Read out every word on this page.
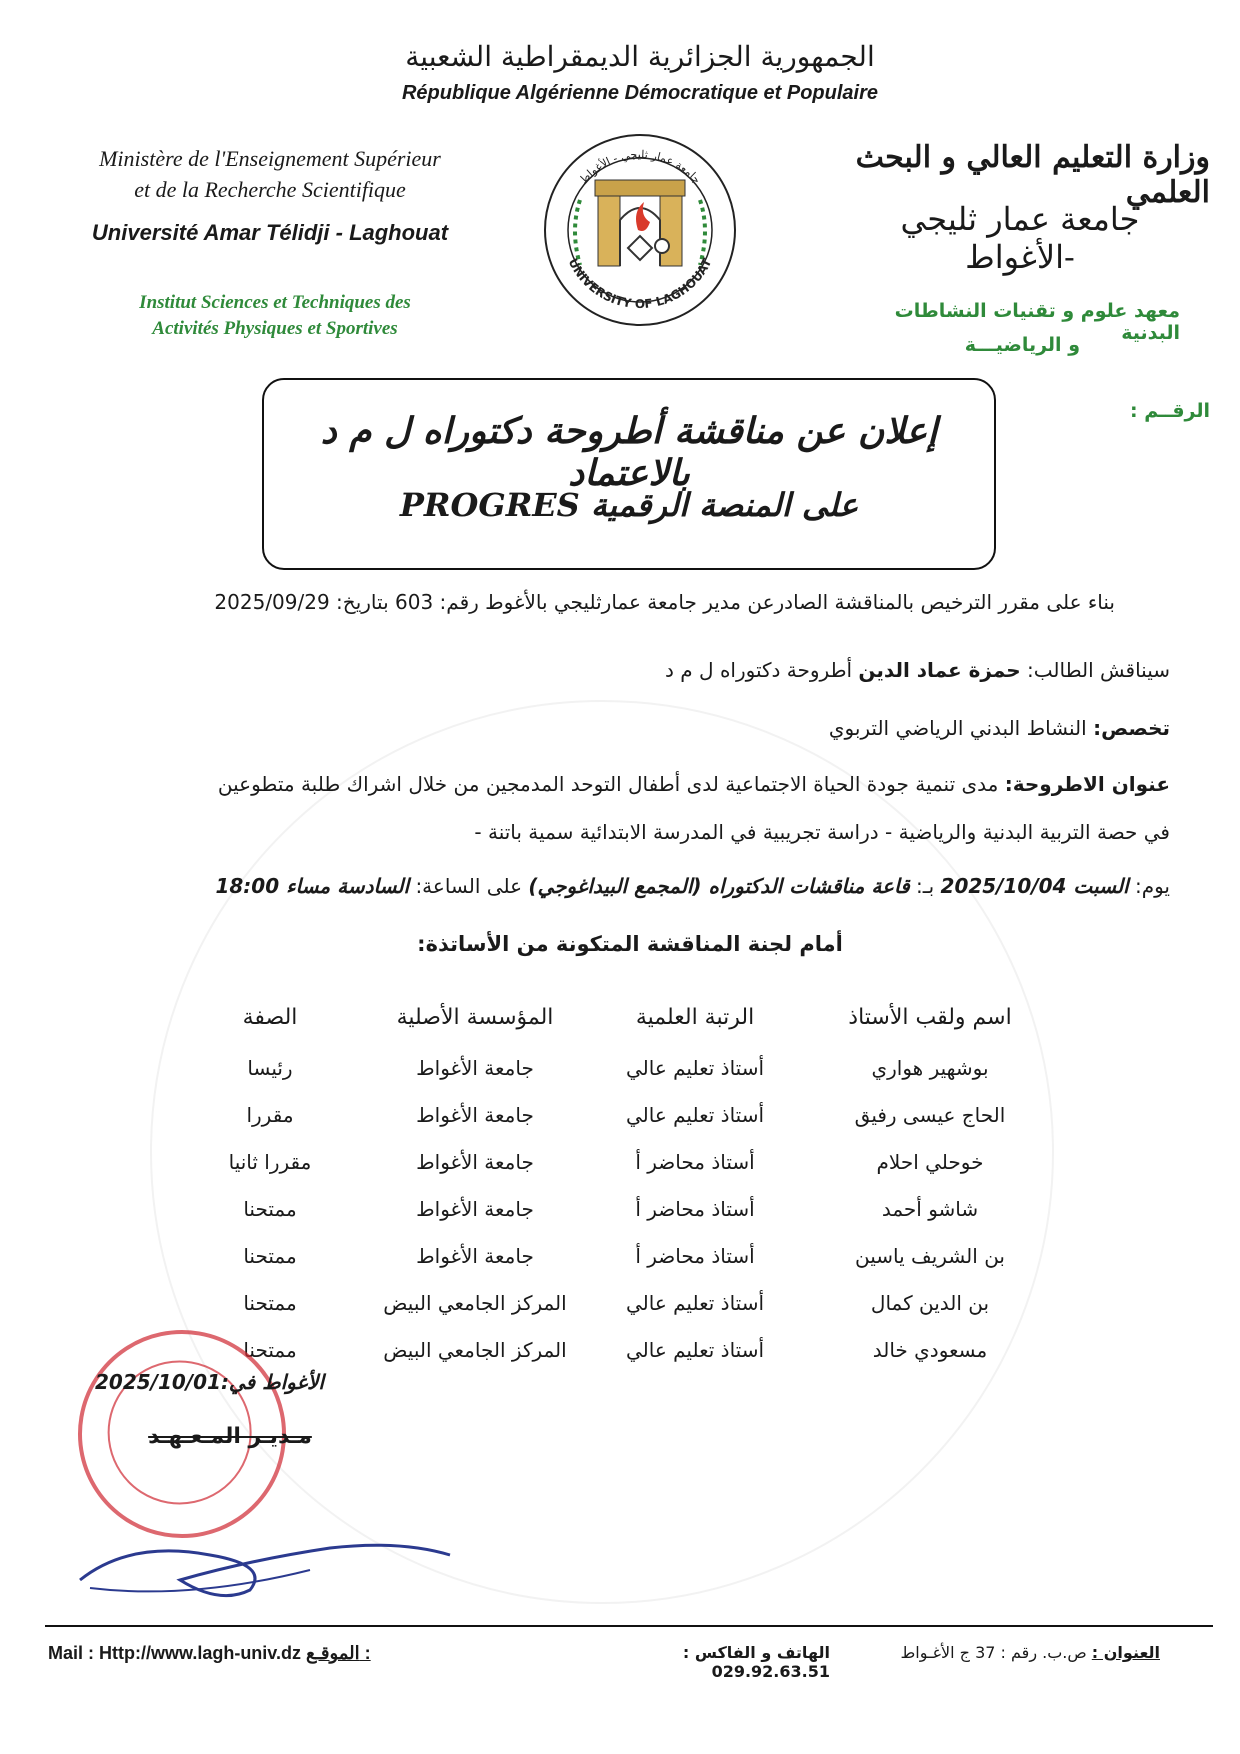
الجمهورية الجزائرية الديمقراطية الشعبية
République Algérienne Démocratique et Populaire
Ministère de l'Enseignement Supérieur
et de la Recherche Scientifique
Université Amar Télidji - Laghouat
Institut Sciences et Techniques des
Activités Physiques et Sportives
UNIVERSITY OF LAGHOUAT
جامعة عمار ثليجي - الأغواط
وزارة التعليم العالي و البحث العلمي
جامعة عمار ثليجي -الأغواط
معهد علوم و تقنيات النشاطات البدنية
و الرياضيـــة
الرقــم :
إعلان عن مناقشة أطروحة دكتوراه ل م د بالاعتماد
على المنصة الرقمية PROGRES
بناء على مقرر الترخيص بالمناقشة الصادرعن مدير جامعة عمارثليجي بالأغوط رقم: 603 بتاريخ: 2025/09/29
سيناقش الطالب: حمزة عماد الدين أطروحة دكتوراه ل م د
تخصص: النشاط البدني الرياضي التربوي
عنوان الاطروحة: مدى تنمية جودة الحياة الاجتماعية لدى أطفال التوحد المدمجين من خلال اشراك طلبة متطوعين
في حصة التربية البدنية والرياضية - دراسة تجريبية في المدرسة الابتدائية سمية باتنة -
يوم: السبت 2025/10/04 بـ: قاعة مناقشات الدكتوراه (المجمع البيداغوجي) على الساعة: السادسة مساء 18:00
أمام لجنة المناقشة المتكونة من الأساتذة:
اسم ولقب الأستاذ	الرتبة العلمية	المؤسسة الأصلية	الصفة
بوشهير هواري	أستاذ تعليم عالي	جامعة الأغواط	رئيسا
الحاج عيسى رفيق	أستاذ تعليم عالي	جامعة الأغواط	مقررا
خوحلي احلام	أستاذ محاضر أ	جامعة الأغواط	مقررا ثانيا
شاشو أحمد	أستاذ محاضر أ	جامعة الأغواط	ممتحنا
بن الشريف ياسين	أستاذ محاضر أ	جامعة الأغواط	ممتحنا
بن الدين كمال	أستاذ تعليم عالي	المركز الجامعي البيض	ممتحنا
مسعودي خالد	أستاذ تعليم عالي	المركز الجامعي البيض	ممتحنا
الأغواط في:2025/10/01
مـديـر المـعـهـد
العنوان : ص.ب. رقم : 37 ج الأغـواط
الهاتف و الفاكس : 029.92.63.51
Mail : Http://www.lagh-univ.dz الموقـع :
